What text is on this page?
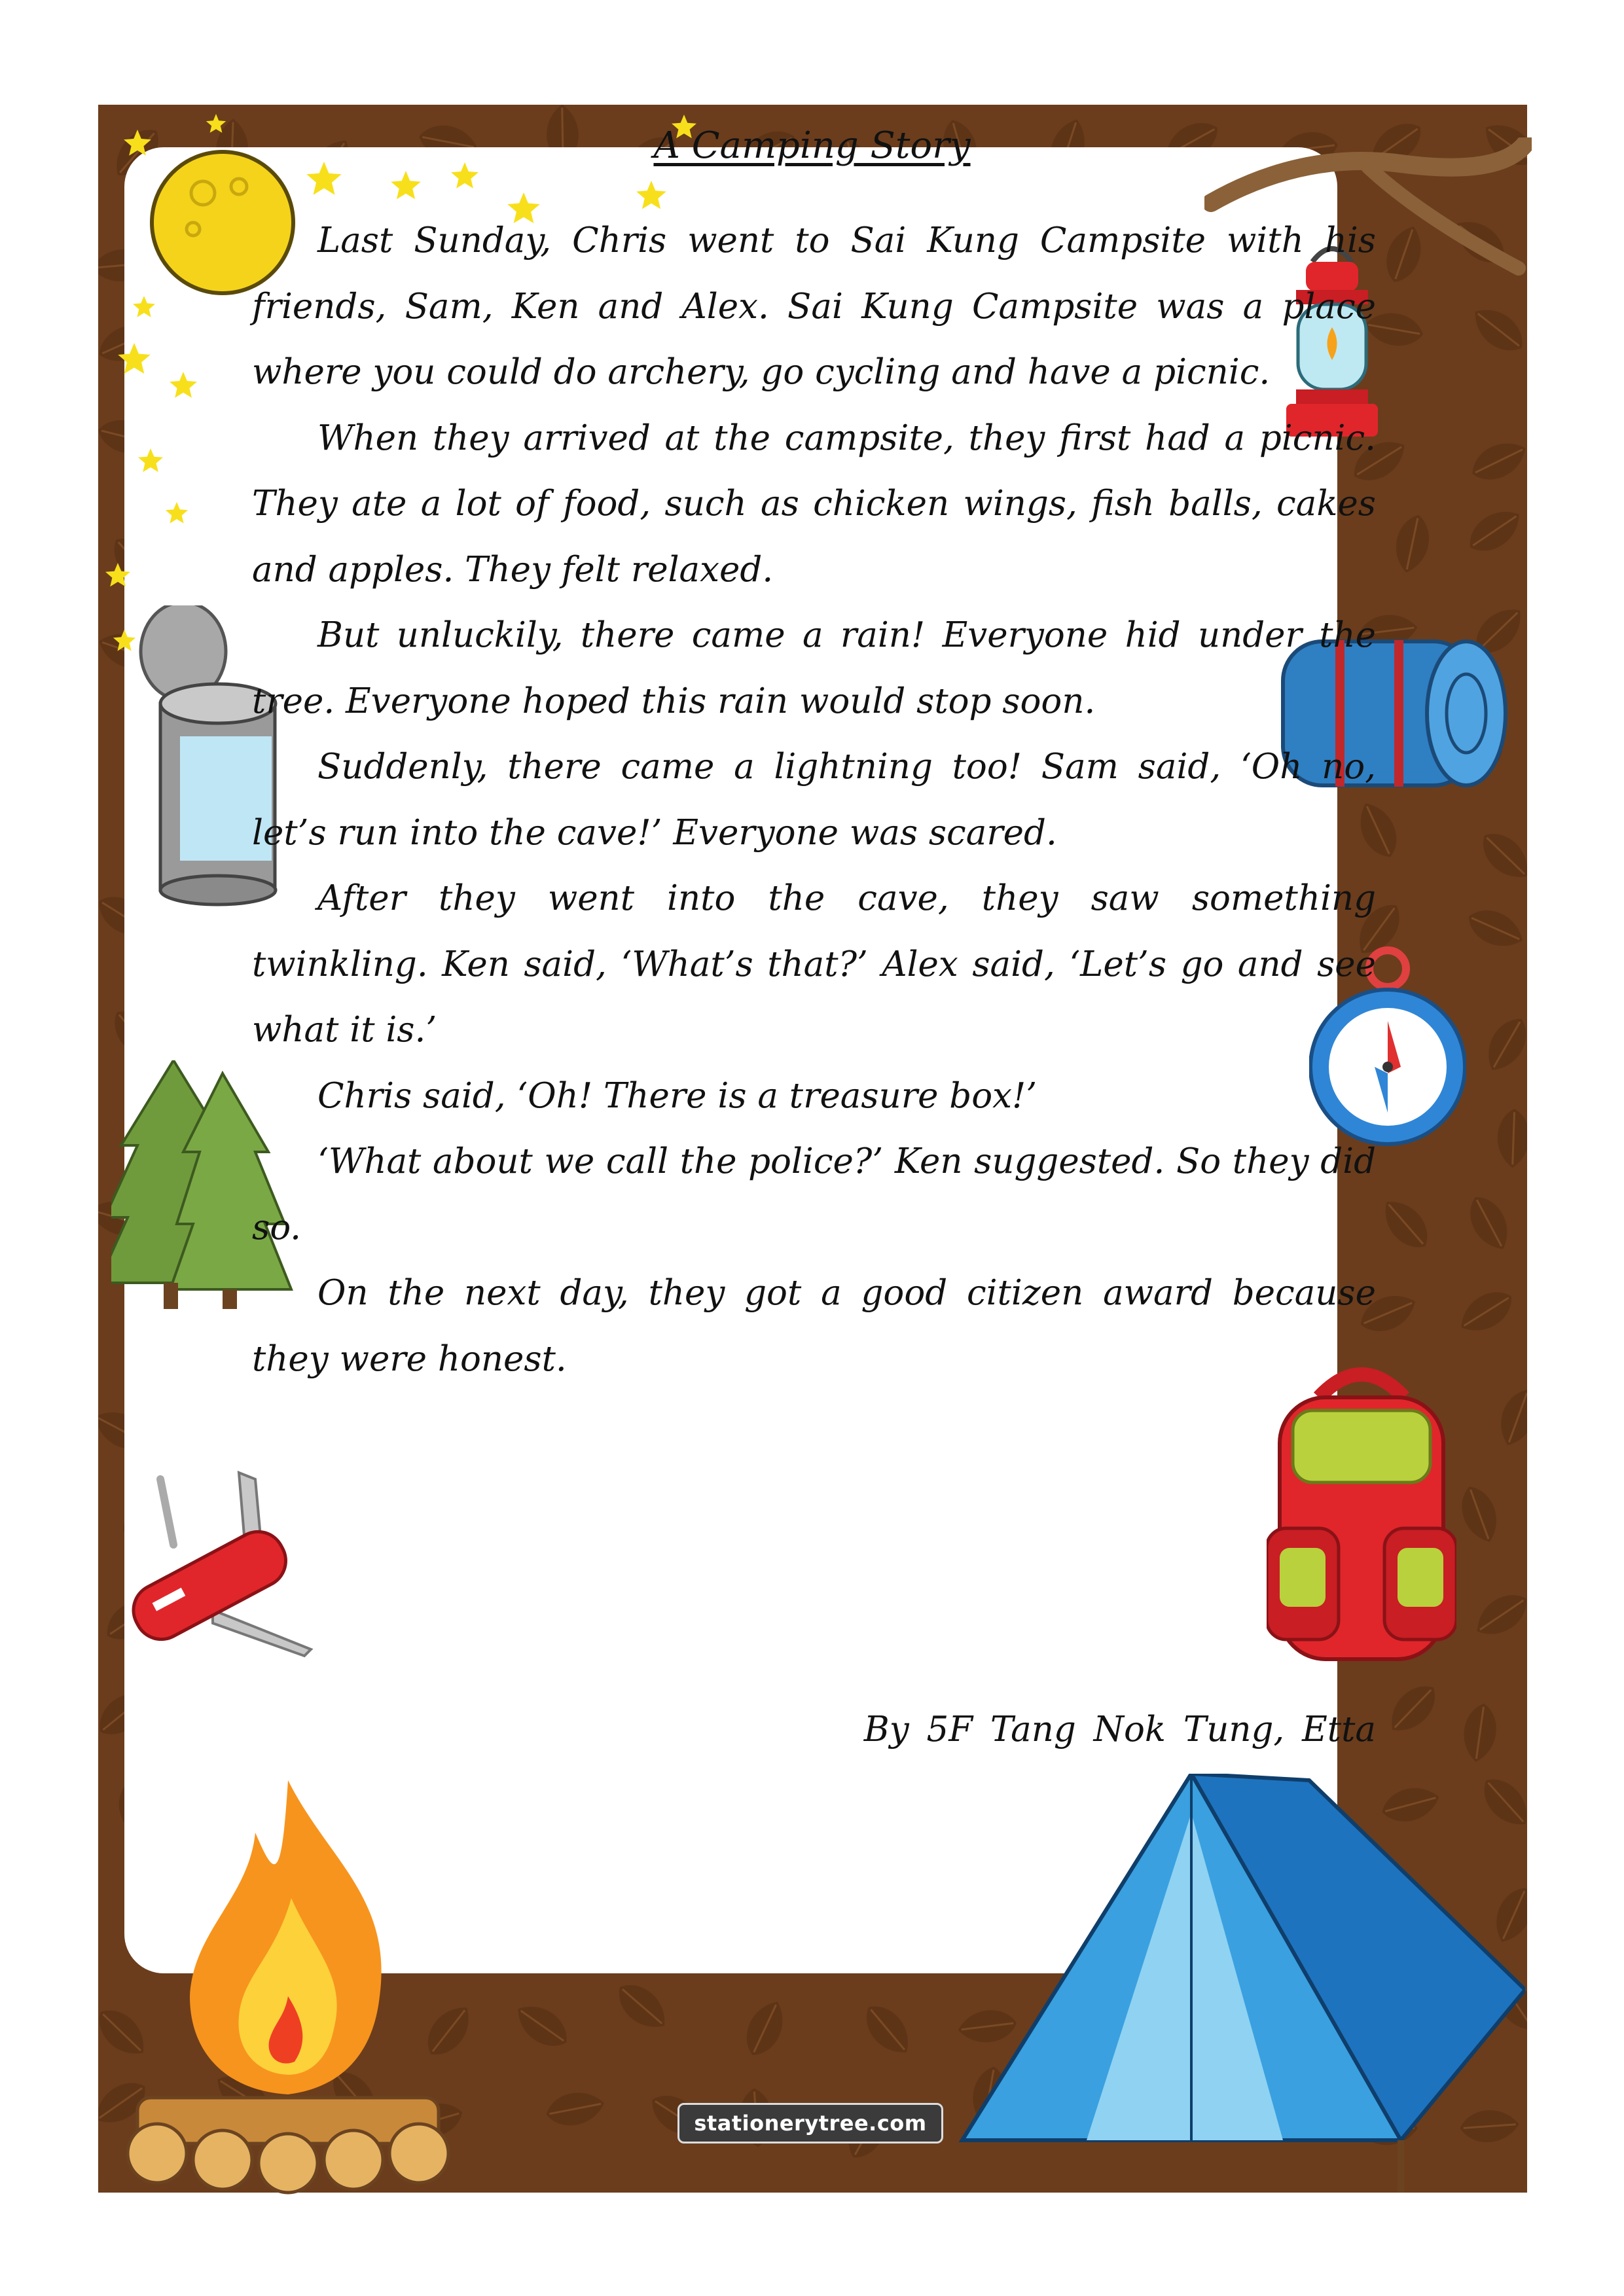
A Camping Story

Last Sunday, Chris went to Sai Kung Campsite with his friends, Sam, Ken and Alex. Sai Kung Campsite was a place where you could do archery, go cycling and have a picnic.

When they arrived at the campsite, they first had a picnic. They ate a lot of food, such as chicken wings, fish balls, cakes and apples. They felt relaxed.

But unluckily, there came a rain! Everyone hid under the tree. Everyone hoped this rain would stop soon.

Suddenly, there came a lightning too! Sam said, ‘Oh no, let’s run into the cave!’ Everyone was scared.

After they went into the cave, they saw something twinkling. Ken said, ‘What’s that?’ Alex said, ‘Let’s go and see what it is.’

Chris said, ‘Oh! There is a treasure box!’

‘What about we call the police?’ Ken suggested. So they did so.

On the next day, they got a good citizen award because they were honest.

By 5F Tang Nok Tung, Etta
stationerytree.com
